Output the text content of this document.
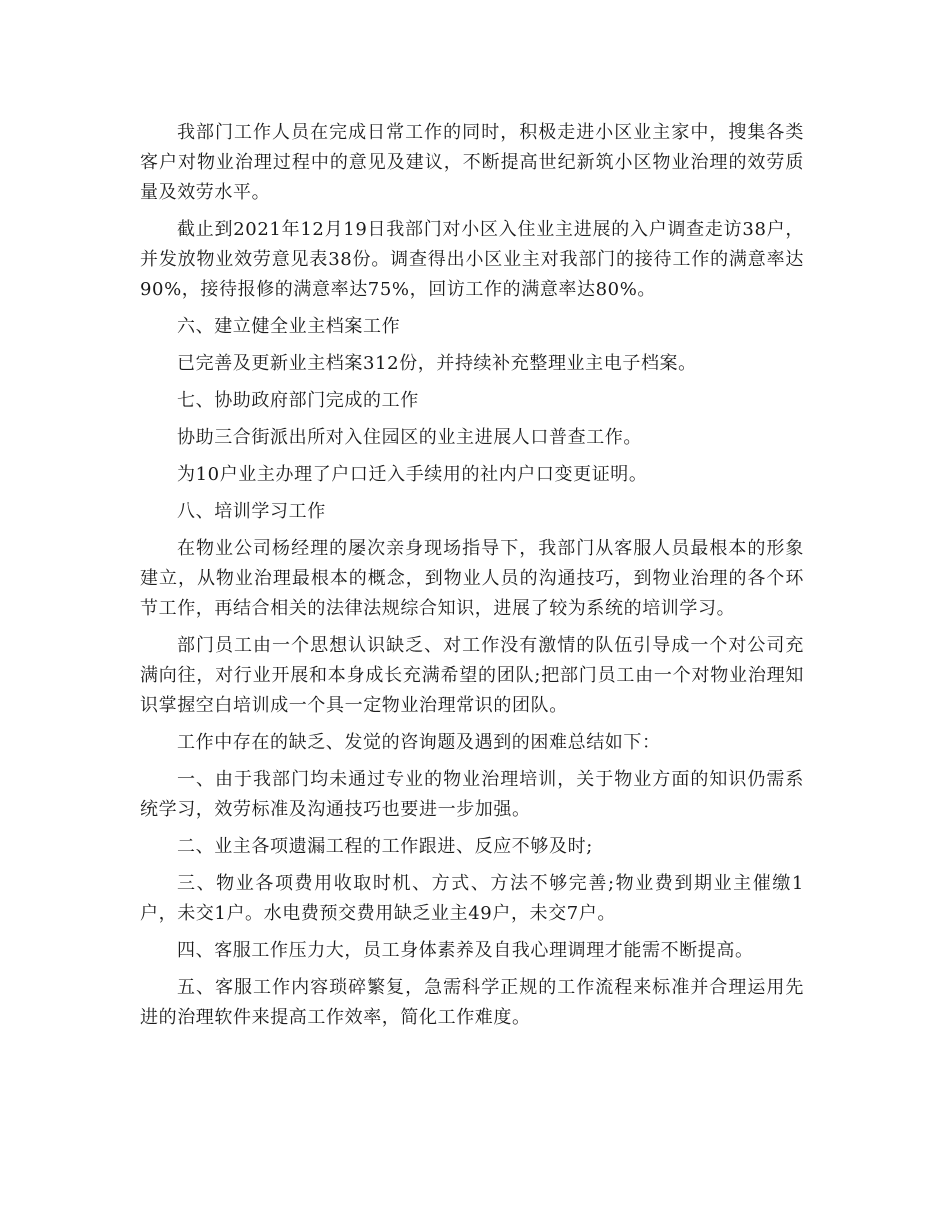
我部门工作人员在完成日常工作的同时，积极走进小区业主家中，搜集各类客户对物业治理过程中的意见及建议，不断提高世纪新筑小区物业治理的效劳质量及效劳水平。

截止到2021年12月19日我部门对小区入住业主进展的入户调查走访38户，并发放物业效劳意见表38份。调查得出小区业主对我部门的接待工作的满意率达90%，接待报修的满意率达75%，回访工作的满意率达80%。

六、建立健全业主档案工作

已完善及更新业主档案312份，并持续补充整理业主电子档案。

七、协助政府部门完成的工作

协助三合街派出所对入住园区的业主进展人口普查工作。

为10户业主办理了户口迁入手续用的社内户口变更证明。

八、培训学习工作

在物业公司杨经理的屡次亲身现场指导下，我部门从客服人员最根本的形象建立，从物业治理最根本的概念，到物业人员的沟通技巧，到物业治理的各个环节工作，再结合相关的法律法规综合知识，进展了较为系统的培训学习。

部门员工由一个思想认识缺乏、对工作没有激情的队伍引导成一个对公司充满向往，对行业开展和本身成长充满希望的团队;把部门员工由一个对物业治理知识掌握空白培训成一个具一定物业治理常识的团队。

工作中存在的缺乏、发觉的咨询题及遇到的困难总结如下：

一、由于我部门均未通过专业的物业治理培训，关于物业方面的知识仍需系统学习，效劳标准及沟通技巧也要进一步加强。

二、业主各项遗漏工程的工作跟进、反应不够及时;

三、物业各项费用收取时机、方式、方法不够完善;物业费到期业主催缴1户，未交1户。水电费预交费用缺乏业主49户，未交7户。

四、客服工作压力大，员工身体素养及自我心理调理才能需不断提高。

五、客服工作内容琐碎繁复，急需科学正规的工作流程来标准并合理运用先进的治理软件来提高工作效率，简化工作难度。
